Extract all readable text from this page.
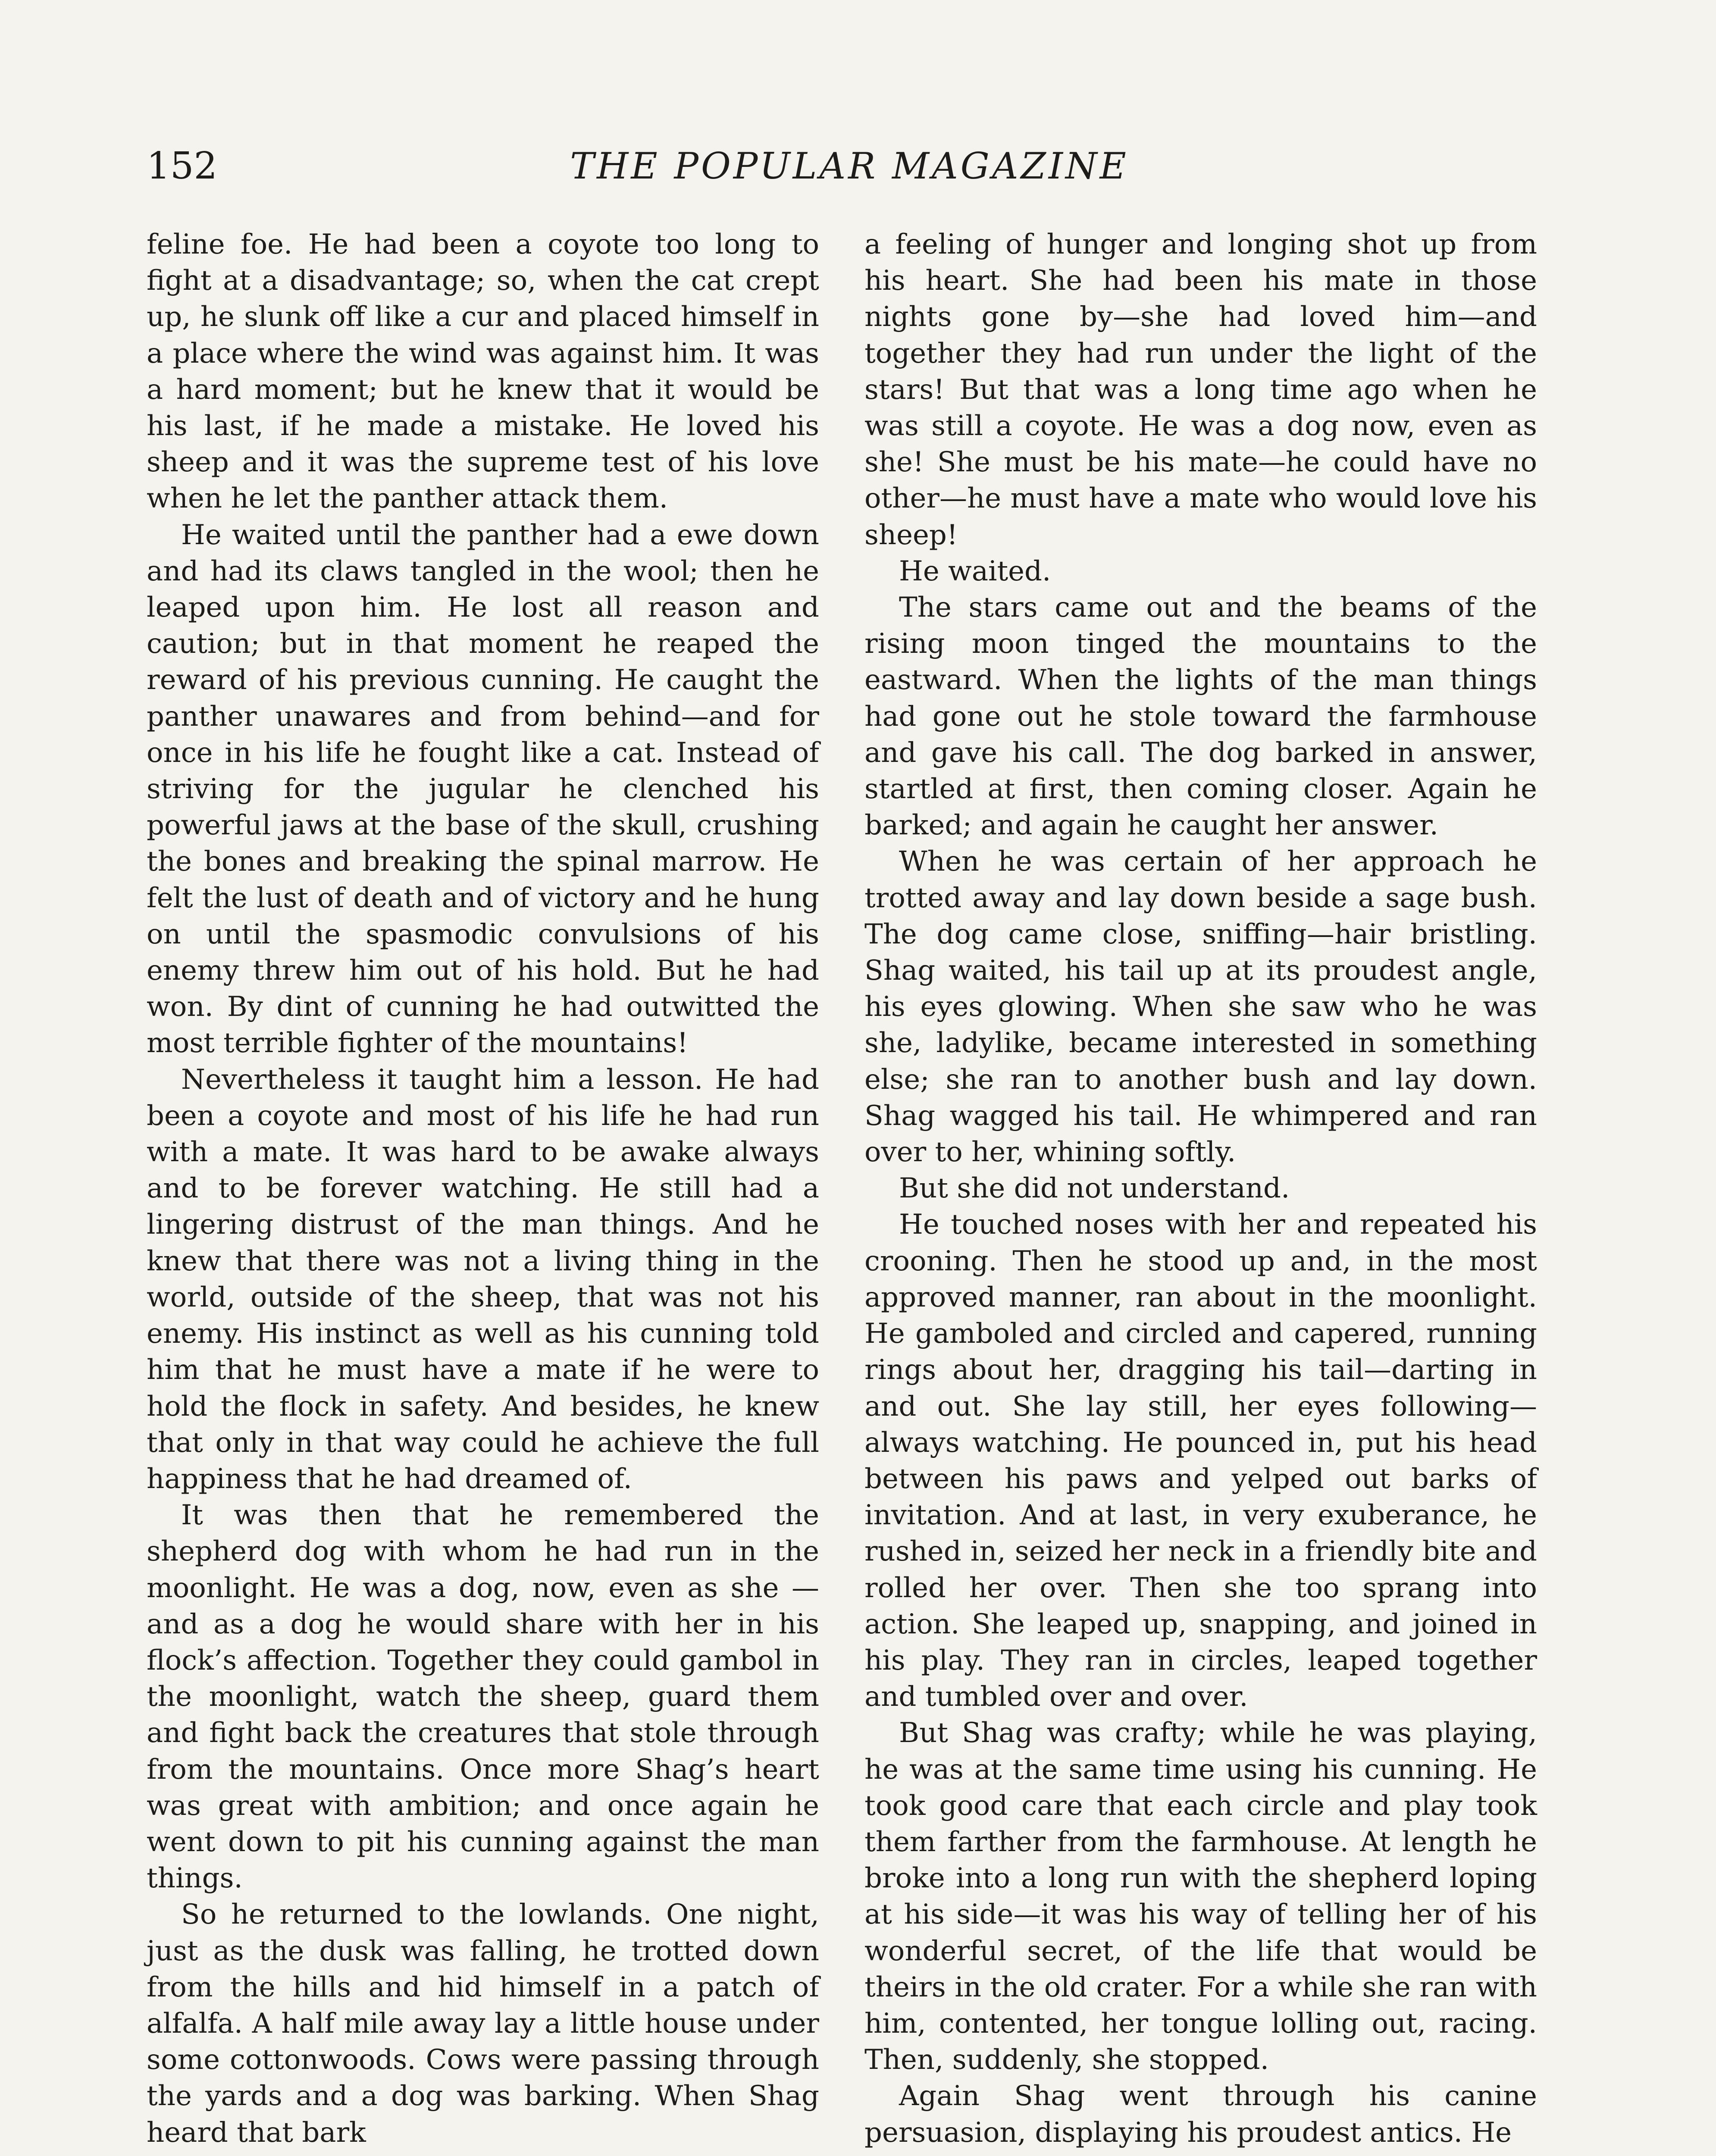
152	THE POPULAR MAGAZINE

feline foe. He had been a coyote too long to fight at a disadvantage; so, when the cat crept up, he slunk off like a cur and placed himself in a place where the wind was against him. It was a hard moment; but he knew that it would be his last, if he made a mistake. He loved his sheep and it was the supreme test of his love when he let the panther attack them.

He waited until the panther had a ewe down and had its claws tangled in the wool; then he leaped upon him. He lost all reason and caution; but in that moment he reaped the reward of his previous cunning. He caught the panther unawares and from behind—and for once in his life he fought like a cat. Instead of striving for the jugular he clenched his powerful jaws at the base of the skull, crushing the bones and breaking the spinal marrow. He felt the lust of death and of victory and he hung on until the spasmodic convulsions of his enemy threw him out of his hold. But he had won. By dint of cunning he had outwitted the most terrible fighter of the mountains!

Nevertheless it taught him a lesson. He had been a coyote and most of his life he had run with a mate. It was hard to be awake always and to be forever watching. He still had a lingering distrust of the man things. And he knew that there was not a living thing in the world, outside of the sheep, that was not his enemy. His instinct as well as his cunning told him that he must have a mate if he were to hold the flock in safety. And besides, he knew that only in that way could he achieve the full happiness that he had dreamed of.

It was then that he remembered the shepherd dog with whom he had run in the moonlight. He was a dog, now, even as she —and as a dog he would share with her in his flock’s affection. Together they could gambol in the moonlight, watch the sheep, guard them and fight back the creatures that stole through from the mountains. Once more Shag’s heart was great with ambition; and once again he went down to pit his cunning against the man things.

So he returned to the lowlands. One night, just as the dusk was falling, he trotted down from the hills and hid himself in a patch of alfalfa. A half mile away lay a little house under some cottonwoods. Cows were passing through the yards and a dog was barking. When Shag heard that bark

a feeling of hunger and longing shot up from his heart. She had been his mate in those nights gone by—she had loved him—and together they had run under the light of the stars! But that was a long time ago when he was still a coyote. He was a dog now, even as she! She must be his mate—he could have no other—he must have a mate who would love his sheep!

He waited.

The stars came out and the beams of the rising moon tinged the mountains to the eastward. When the lights of the man things had gone out he stole toward the farmhouse and gave his call. The dog barked in answer, startled at first, then coming closer. Again he barked; and again he caught her answer.

When he was certain of her approach he trotted away and lay down beside a sage bush. The dog came close, sniffing—hair bristling. Shag waited, his tail up at its proudest angle, his eyes glowing. When she saw who he was she, ladylike, became interested in something else; she ran to another bush and lay down. Shag wagged his tail. He whimpered and ran over to her, whining softly.

But she did not understand.

He touched noses with her and repeated his crooning. Then he stood up and, in the most approved manner, ran about in the moonlight. He gamboled and circled and capered, running rings about her, dragging his tail—darting in and out. She lay still, her eyes following—always watching. He pounced in, put his head between his paws and yelped out barks of invitation. And at last, in very exuberance, he rushed in, seized her neck in a friendly bite and rolled her over. Then she too sprang into action. She leaped up, snapping, and joined in his play. They ran in circles, leaped together and tumbled over and over.

But Shag was crafty; while he was playing, he was at the same time using his cunning. He took good care that each circle and play took them farther from the farmhouse. At length he broke into a long run with the shepherd loping at his side—it was his way of telling her of his wonderful secret, of the life that would be theirs in the old crater. For a while she ran with him, contented, her tongue lolling out, racing. Then, suddenly, she stopped.

Again Shag went through his canine persuasion, displaying his proudest antics. He
